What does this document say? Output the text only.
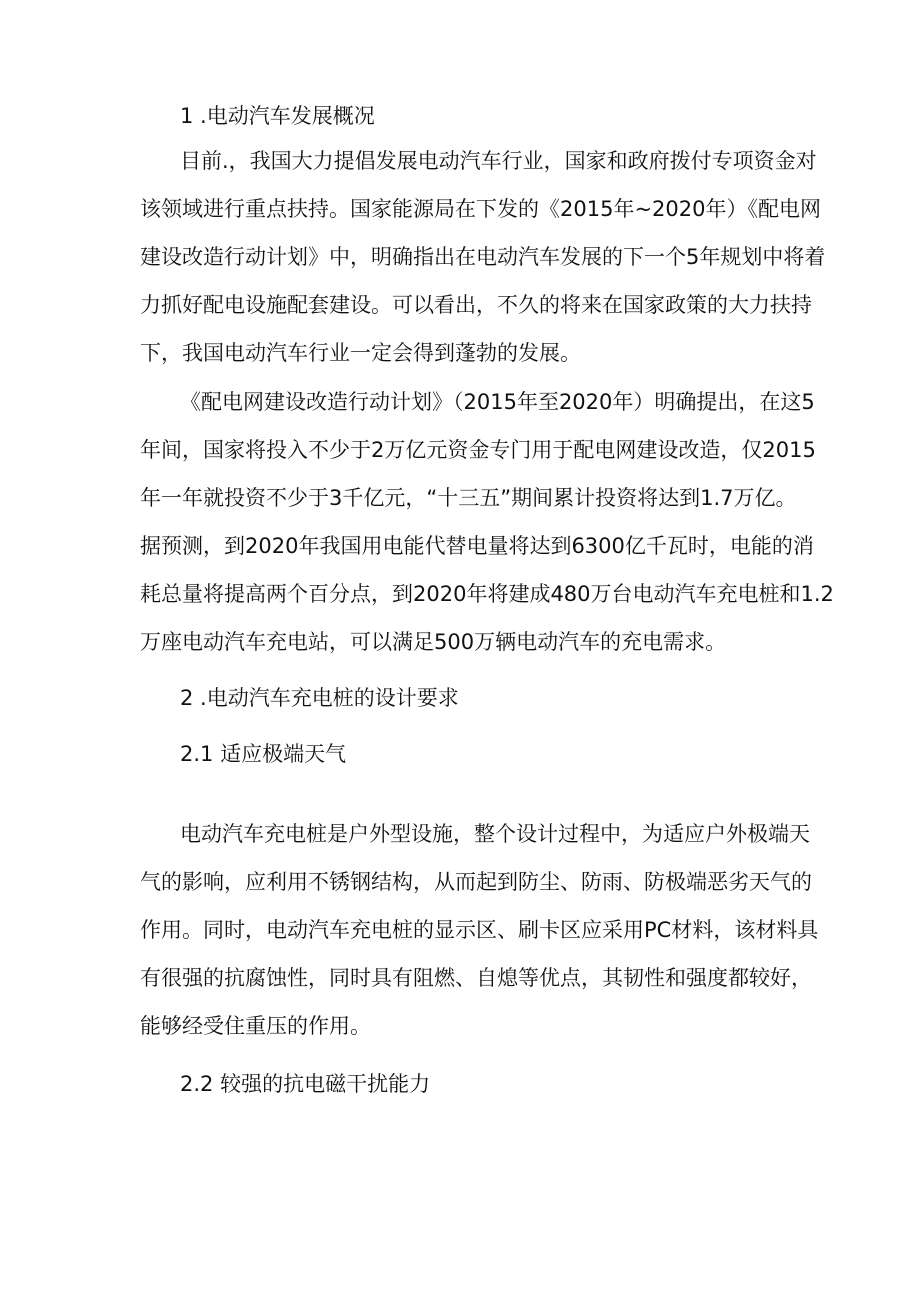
1 .电动汽车发展概况

目前.，我国大力提倡发展电动汽车行业，国家和政府拨付专项资金对

该领域进行重点扶持。国家能源局在下发的《2015年~2020年）《配电网

建设改造行动计划》中，明确指出在电动汽车发展的下一个5年规划中将着

力抓好配电设施配套建设。可以看出，不久的将来在国家政策的大力扶持

下，我国电动汽车行业一定会得到蓬勃的发展。

《配电网建设改造行动计划》（2015年至2020年）明确提出，在这5

年间，国家将投入不少于2万亿元资金专门用于配电网建设改造，仅2015

年一年就投资不少于3千亿元，“十三五”期间累计投资将达到1.7万亿。

据预测，到2020年我国用电能代替电量将达到6300亿千瓦时，电能的消

耗总量将提高两个百分点，到2020年将建成480万台电动汽车充电桩和1.2

万座电动汽车充电站，可以满足500万辆电动汽车的充电需求。

2 .电动汽车充电桩的设计要求
2.1 适应极端天气

电动汽车充电桩是户外型设施，整个设计过程中，为适应户外极端天

气的影响，应利用不锈钢结构，从而起到防尘、防雨、防极端恶劣天气的

作用。同时，电动汽车充电桩的显示区、刷卡区应采用PC材料，该材料具

有很强的抗腐蚀性，同时具有阻燃、自熄等优点，其韧性和强度都较好，

能够经受住重压的作用。

2.2 较强的抗电磁干扰能力
